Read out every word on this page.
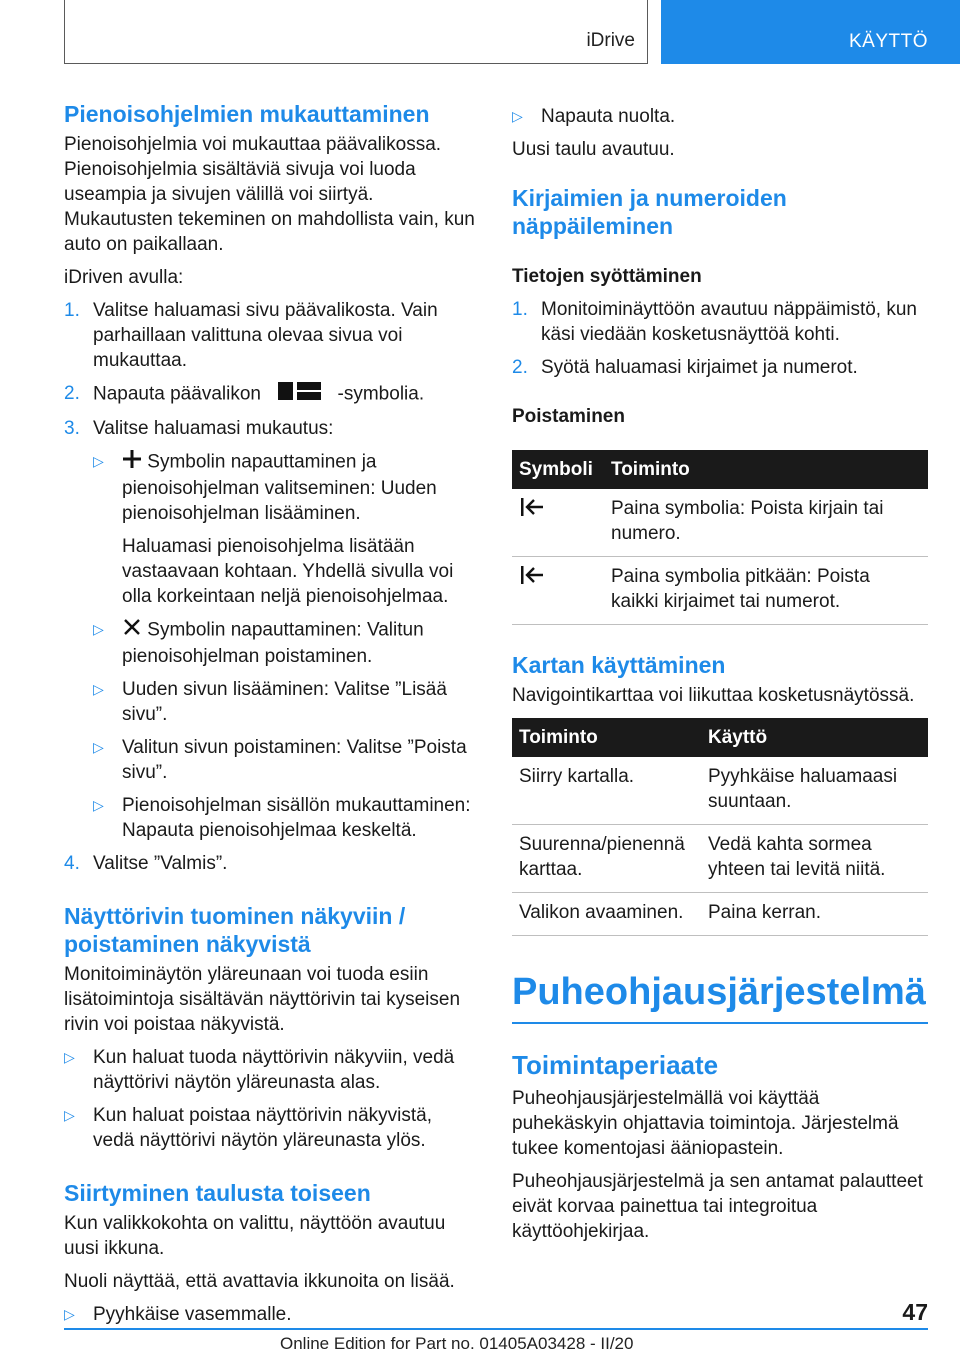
iDrive	KÄYTTÖ
Pienoisohjelmien mukauttaminen

Pienoisohjelmia voi mukauttaa päävalikossa. Pienoisohjelmia sisältäviä sivuja voi luoda useampia ja sivujen välillä voi siirtyä. Mukautusten tekeminen on mahdollista vain, kun auto on paikallaan.

iDriven avulla:

1. Valitse haluamasi sivu päävalikosta. Vain parhaillaan valittuna olevaa sivua voi mukauttaa.
2. Napauta päävalikon	-symbolia.
3. Valitse haluamasi mukautus:
▷	Symbolin napauttaminen ja pienoisohjelman valitseminen: Uuden pienoisohjelman lisääminen.

Haluamasi pienoisohjelma lisätään vastaavaan kohtaan. Yhdellä sivulla voi olla korkeintaan neljä pienoisohjelmaa.

▷	Symbolin napauttaminen: Valitun pienoisohjelman poistaminen.
▷ Uuden sivun lisääminen: Valitse ”Lisää sivu”.
▷ Valitun sivun poistaminen: Valitse ”Poista sivu”.
▷ Pienoisohjelman sisällön mukauttaminen: Napauta pienoisohjelmaa keskeltä.
4. Valitse ”Valmis”.
Näyttörivin tuominen näkyviin / poistaminen näkyvistä

Monitoiminäytön yläreunaan voi tuoda esiin lisätoimintoja sisältävän näyttörivin tai kyseisen rivin voi poistaa näkyvistä.

▷ Kun haluat tuoda näyttörivin näkyviin, vedä näyttörivi näytön yläreunasta alas.
▷ Kun haluat poistaa näyttörivin näkyvistä, vedä näyttörivi näytön yläreunasta ylös.
Siirtyminen taulusta toiseen

Kun valikkokohta on valittu, näyttöön avautuu uusi ikkuna.

Nuoli näyttää, että avattavia ikkunoita on lisää.

▷ Pyyhkäise vasemmalle.
▷ Napauta nuolta.

Uusi taulu avautuu.

Kirjaimien ja numeroiden näppäileminen
Tietojen syöttäminen
1. Monitoiminäyttöön avautuu näppäimistö, kun käsi viedään kosketusnäyttöä kohti.
2. Syötä haluamasi kirjaimet ja numerot.
Poistaminen
Symboli	Toiminto
	Paina symbolia: Poista kirjain tai numero.
	Paina symbolia pitkään: Poista kaikki kirjaimet tai numerot.
Kartan käyttäminen

Navigointikarttaa voi liikuttaa kosketusnäytössä.

Toiminto	Käyttö
Siirry kartalla.	Pyyhkäise haluamaasi suuntaan.
Suurenna/pienennä karttaa.	Vedä kahta sormea yhteen tai levitä niitä.
Valikon avaaminen.	Paina kerran.
Puheohjausjärjestelmä
Toimintaperiaate

Puheohjausjärjestelmällä voi käyttää puhekäskyin ohjattavia toimintoja. Järjestelmä tukee komentojasi ääniopastein.

Puheohjausjärjestelmä ja sen antamat palautteet eivät korvaa painettua tai integroitua käyttöohjekirjaa.

47
Online Edition for Part no. 01405A03428 - II/20
